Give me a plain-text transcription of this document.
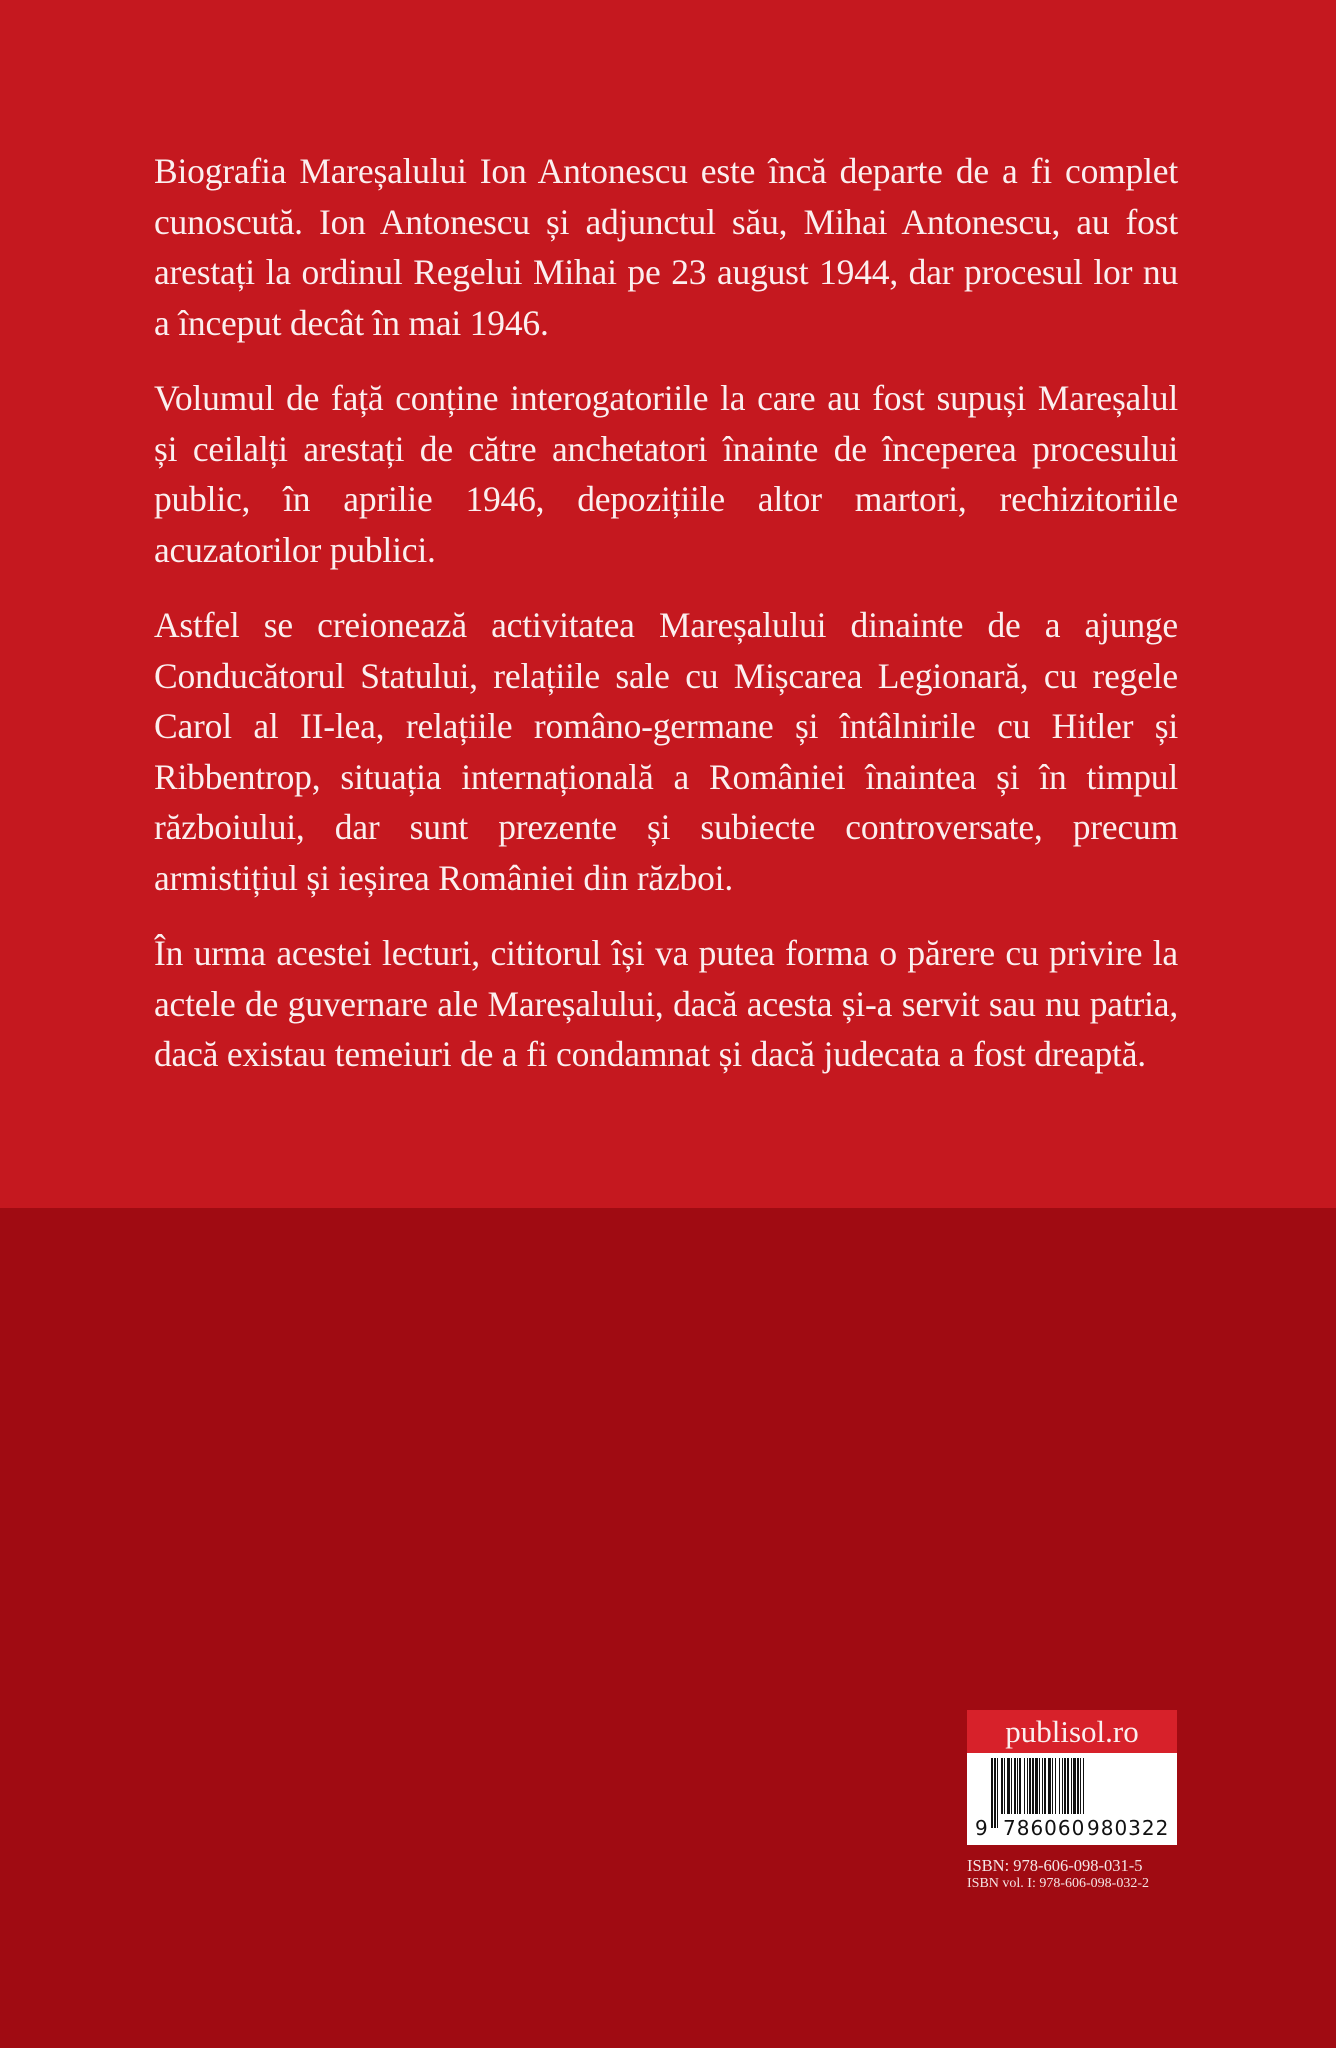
Biografia Mareșalului Ion Antonescu este încă departe de a fi complet cunoscută. Ion Antonescu și adjunctul său, Mihai Antonescu, au fost arestați la ordinul Regelui Mihai pe 23 august 1944, dar procesul lor nu a început decât în mai 1946.

Volumul de față conține interogatoriile la care au fost supuși Mareșalul și ceilalți arestați de către anchetatori înainte de începerea procesului public, în aprilie 1946, depozițiile altor martori, rechizitoriile acuzatorilor publici.

Astfel se creionează activitatea Mareșalului dinainte de a ajunge Conducătorul Statului, relațiile sale cu Mișcarea Legionară, cu regele Carol al II-lea, relațiile româno-germane și întâlnirile cu Hitler și Ribbentrop, situația internațională a României înaintea și în timpul războiului, dar sunt prezente și subiecte controversate, precum armistițiul și ieșirea României din război.

În urma acestei lecturi, cititorul își va putea forma o părere cu privire la actele de guvernare ale Mareșalului, dacă acesta și-a servit sau nu patria, dacă existau temeiuri de a fi condamnat și dacă judecata a fost dreaptă.

publisol.ro
9 786060 980322
ISBN: 978-606-098-031-5
ISBN vol. I: 978-606-098-032-2
